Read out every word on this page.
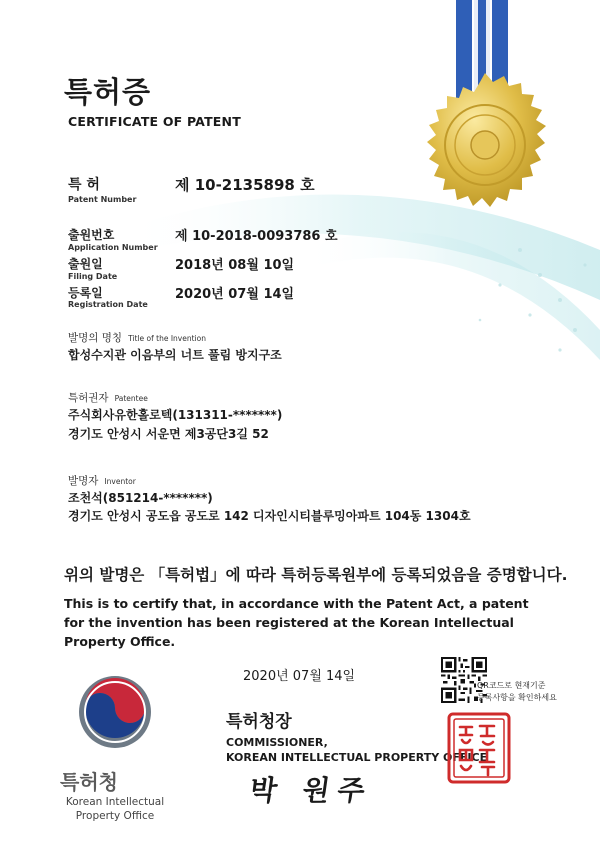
특허증
CERTIFICATE OF PATENT
특 허
Patent Number
제 10-2135898 호
출원번호
Application Number
제 10-2018-0093786 호
출원일
Filing Date
2018년 08월 10일
등록일
Registration Date
2020년 07월 14일
발명의 명칭 Title of the Invention
합성수지관 이음부의 너트 풀림 방지구조
특허권자 Patentee
주식회사유한홀로텍(131311-*******)
경기도 안성시 서운면 제3공단3길 52
발명자 Inventor
조천석(851214-*******)
경기도 안성시 공도읍 공도로 142 디자인시티블루밍아파트 104동 1304호
위의 발명은 「특허법」에 따라 특허등록원부에 등록되었음을 증명합니다.
This is to certify that, in accordance with the Patent Act, a patent for the invention has been registered at the Korean Intellectual Property Office.
특허청
Korean Intellectual
Property Office
2020년 07월 14일
특허청장
COMMISSIONER,
KOREAN INTELLECTUAL PROPERTY OFFICE
박 원주
QR코드로 현재기준
등록사항을 확인하세요
